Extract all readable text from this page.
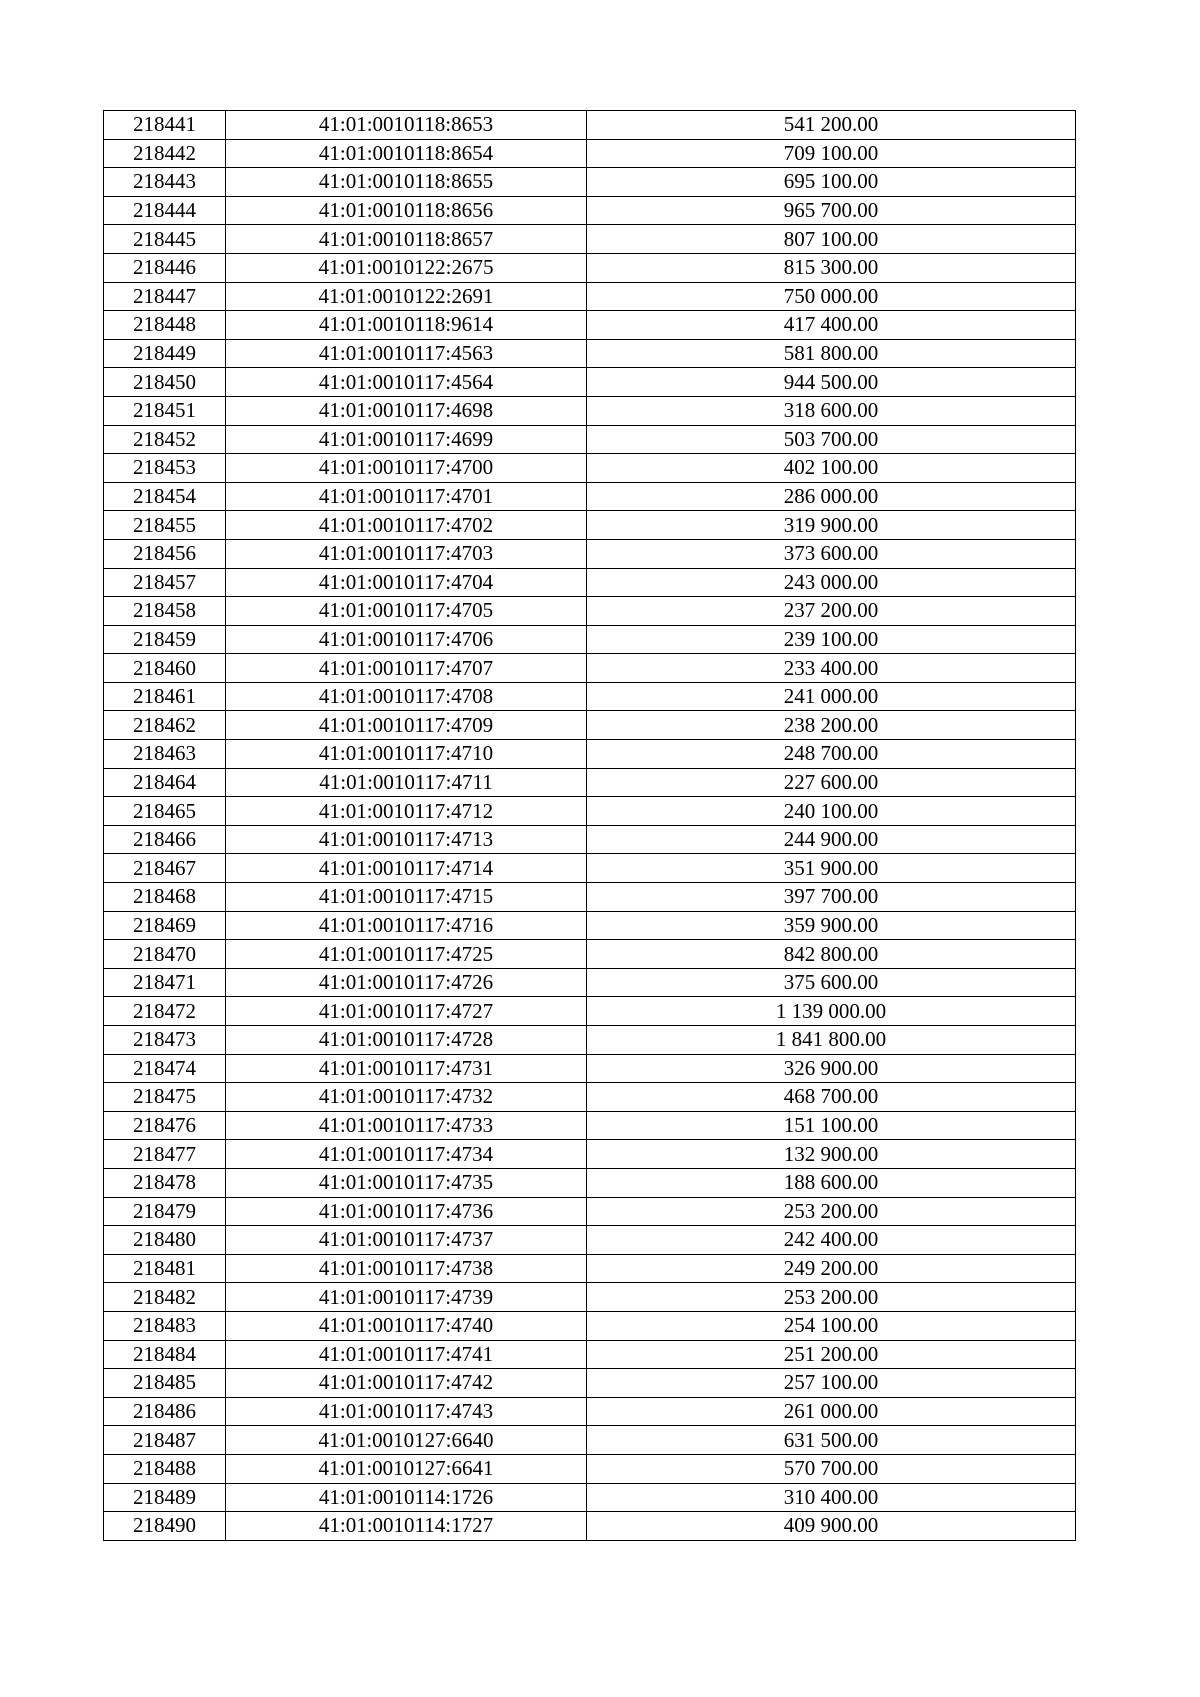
218441	41:01:0010118:8653	541 200.00
218442	41:01:0010118:8654	709 100.00
218443	41:01:0010118:8655	695 100.00
218444	41:01:0010118:8656	965 700.00
218445	41:01:0010118:8657	807 100.00
218446	41:01:0010122:2675	815 300.00
218447	41:01:0010122:2691	750 000.00
218448	41:01:0010118:9614	417 400.00
218449	41:01:0010117:4563	581 800.00
218450	41:01:0010117:4564	944 500.00
218451	41:01:0010117:4698	318 600.00
218452	41:01:0010117:4699	503 700.00
218453	41:01:0010117:4700	402 100.00
218454	41:01:0010117:4701	286 000.00
218455	41:01:0010117:4702	319 900.00
218456	41:01:0010117:4703	373 600.00
218457	41:01:0010117:4704	243 000.00
218458	41:01:0010117:4705	237 200.00
218459	41:01:0010117:4706	239 100.00
218460	41:01:0010117:4707	233 400.00
218461	41:01:0010117:4708	241 000.00
218462	41:01:0010117:4709	238 200.00
218463	41:01:0010117:4710	248 700.00
218464	41:01:0010117:4711	227 600.00
218465	41:01:0010117:4712	240 100.00
218466	41:01:0010117:4713	244 900.00
218467	41:01:0010117:4714	351 900.00
218468	41:01:0010117:4715	397 700.00
218469	41:01:0010117:4716	359 900.00
218470	41:01:0010117:4725	842 800.00
218471	41:01:0010117:4726	375 600.00
218472	41:01:0010117:4727	1 139 000.00
218473	41:01:0010117:4728	1 841 800.00
218474	41:01:0010117:4731	326 900.00
218475	41:01:0010117:4732	468 700.00
218476	41:01:0010117:4733	151 100.00
218477	41:01:0010117:4734	132 900.00
218478	41:01:0010117:4735	188 600.00
218479	41:01:0010117:4736	253 200.00
218480	41:01:0010117:4737	242 400.00
218481	41:01:0010117:4738	249 200.00
218482	41:01:0010117:4739	253 200.00
218483	41:01:0010117:4740	254 100.00
218484	41:01:0010117:4741	251 200.00
218485	41:01:0010117:4742	257 100.00
218486	41:01:0010117:4743	261 000.00
218487	41:01:0010127:6640	631 500.00
218488	41:01:0010127:6641	570 700.00
218489	41:01:0010114:1726	310 400.00
218490	41:01:0010114:1727	409 900.00
